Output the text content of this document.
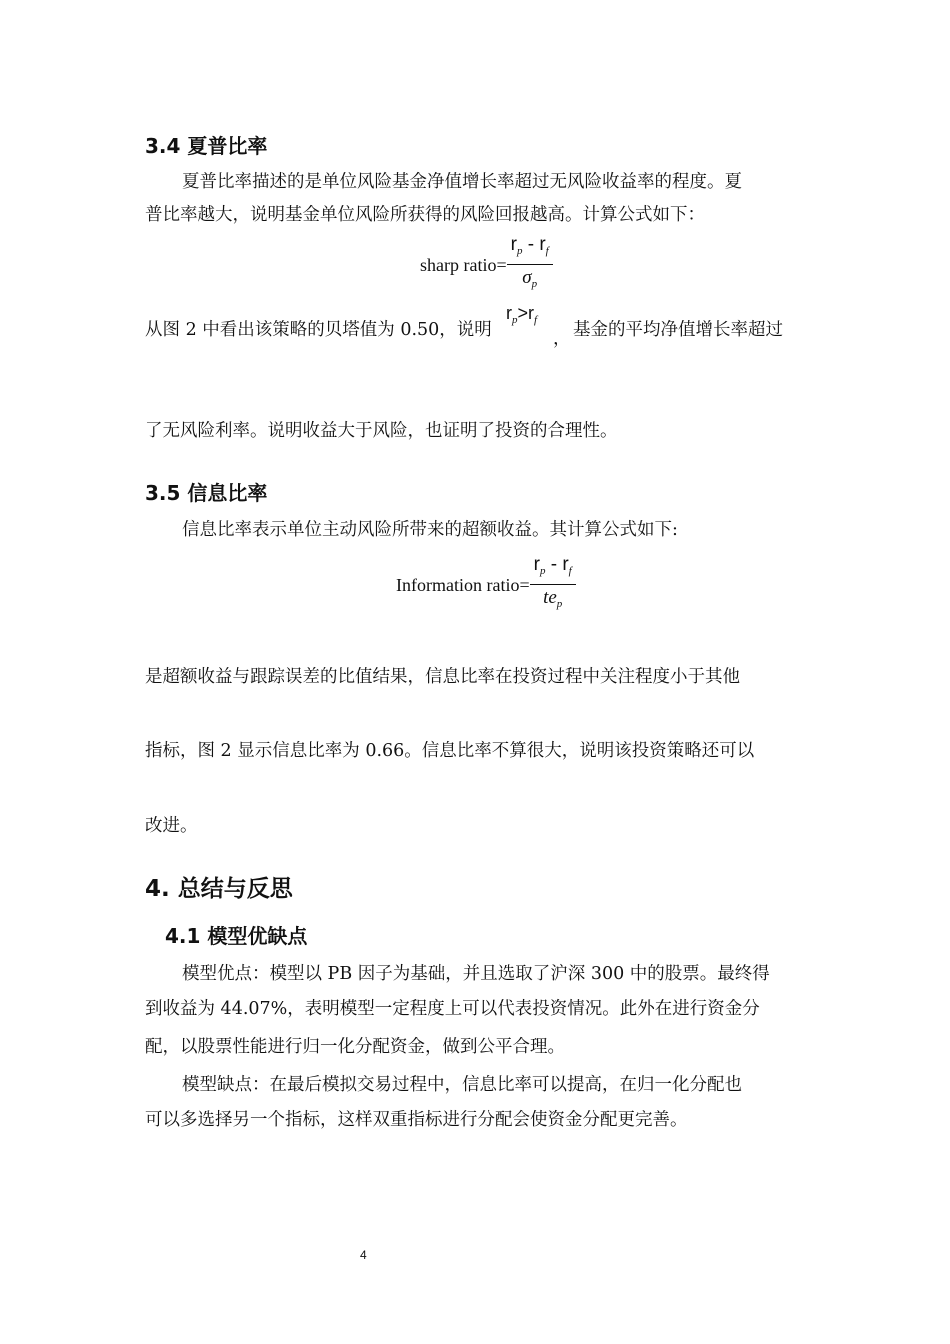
3.4 夏普比率
夏普比率描述的是单位风险基金净值增长率超过无风险收益率的程度。夏
普比率越大，说明基金单位风险所获得的风险回报越高。计算公式如下：
sharp ratio= $\frac{r_p - r_f}{\sigma_p}$
从图 2 中看出该策略的贝塔值为 0.50，说明
$r_p>r_f$
， 基金的平均净值增长率超过
了无风险利率。说明收益大于风险，也证明了投资的合理性。
3.5 信息比率
信息比率表示单位主动风险所带来的超额收益。其计算公式如下:
Information ratio= $\frac{r_p - r_f}{te_p}$
是超额收益与跟踪误差的比值结果，信息比率在投资过程中关注程度小于其他
指标，图 2 显示信息比率为 0.66。信息比率不算很大，说明该投资策略还可以
改进。
4. 总结与反思
4.1 模型优缺点
模型优点：模型以 PB 因子为基础，并且选取了沪深 300 中的股票。最终得
到收益为 44.07%，表明模型一定程度上可以代表投资情况。此外在进行资金分
配，以股票性能进行归一化分配资金，做到公平合理。
模型缺点：在最后模拟交易过程中，信息比率可以提高，在归一化分配也
可以多选择另一个指标，这样双重指标进行分配会使资金分配更完善。
4
